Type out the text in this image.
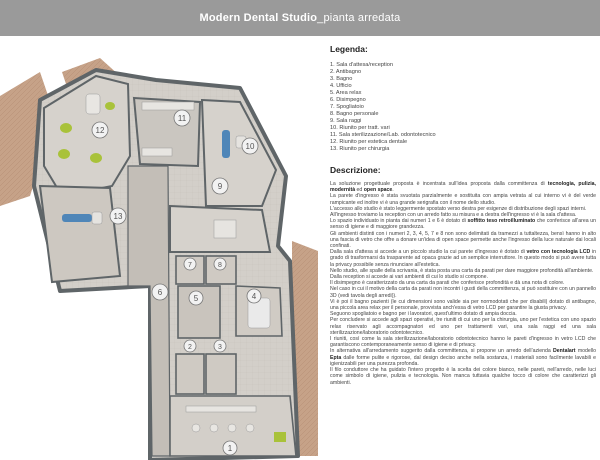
Modern Dental Studio _pianta arredata
12
11
10
13
9
7	8
5	4
6
2	3
1
Legenda:
1. Sala d'attesa/reception
2. Antibagno
3. Bagno
4. Ufficio
5. Area relax
6. Disimpegno
7. Spogliatoio
8. Bagno personale
9. Sala raggi
10. Riunito per tratt. vari
11. Sala sterilizzazione/Lab. odontotecnico
12. Riunito per estetica dentale
13. Riunito per chirurgia
Descrizione:

La soluzione progettuale proposta è incentrata sull'idea proposta dalla committenza di tecnologia, pulizia, modernità ed open space.

La parete d'ingresso è stata svuotata parzialmente e sostituita con ampia vetrata al cui interno vi è del verde rampicante ed inoltre vi è una grande serigrafia con il nome dello studio.

L'accesso allo studio è stato leggermente spostato verso destra per esigenze di distribuzione degli spazi interni.

All'ingresso troviamo la reception con un arredo fatto su misura e a destra dell'ingresso vi è la sala d'attesa.

Lo spazio individuato in pianta dai numeri 1 e 6 è dotato di soffitto teso retroilluminato che conferisce all'area un senso di igiene e di maggiore grandezza.

Gli ambienti distinti con i numeri 2, 3, 4, 5, 7 e 8 non sono delimitati da tramezzi a tuttaltezza, bensì hanno in alto una fascia di vetro che offre a donare un'idea di open space permette anche l'ingresso della luce naturale dai locali confinati.

Dalla sala d'attesa si accede a un piccolo studio la cui parete d'ingresso è dotato di vetro con tecnologia LCD in grado di trasformarsi da trasparente ad opaca grazie ad un semplice interruttore. In questo modo si può avere tutta la privacy possibile senza rinunciare all'estetica.

Nello studio, alle spalle della scrivania, è stata posta una carta da parati per dare maggiore profondità all'ambiente.

Dalla reception si accede ai vari ambienti di cui lo studio si compone.

Il disimpegno è caratterizzato da una carta da parati che conferisce profondità e dà una nota di colore.

Nel caso in cui il motivo della carta da parati non incontri i gusti della committenza, si può sostituire con un pannello 3D (vedi tavola degli arredi)).

Vi è poi il bagno pazienti (le cui dimensioni sono valide sia per normodotati che per disabili) dotato di antibagno, una piccola area relax per il personale, provvista anch'essa di vetro LCD per garantire la giusta privacy.

Seguono spogliatoio e bagno per i lavoratori, quest'ultimo dotato di ampia doccia.

Per concludere si accede agli spazi operativi, tre riuniti di cui uno per la chirurgia, uno per l'estetica con uno spazio relax riservato agli accompagnatori ed uno per trattamenti vari, una sala raggi ed una sala sterilizzazione/laboratorio odontotecnico.

I riuniti, così come la sala sterilizzazione/laboratorio odontotecnico hanno le pareti d'ingresso in vetro LCD che garantiscono contemporaneamente senso di igiene e di privacy.

In alternativa all'arredamento suggerito dalla committenza, si propone un arredo dell'azienda Dentalart modello Epta dalle forme pulite e rigorose, dal design deciso anche nella sostanza, i materiali sono facilmente lavabili e igienizzabili per una purezza profonda.

Il filo conduttore che ha guidato l'intero progetto è la scelta dei colore bianco, nelle pareti, nell'arredo, nelle luci come simbolo di igiene, pulizia e tecnologia. Non manca tuttavia qualche tocco di colore che caratterizzi gli ambienti.
